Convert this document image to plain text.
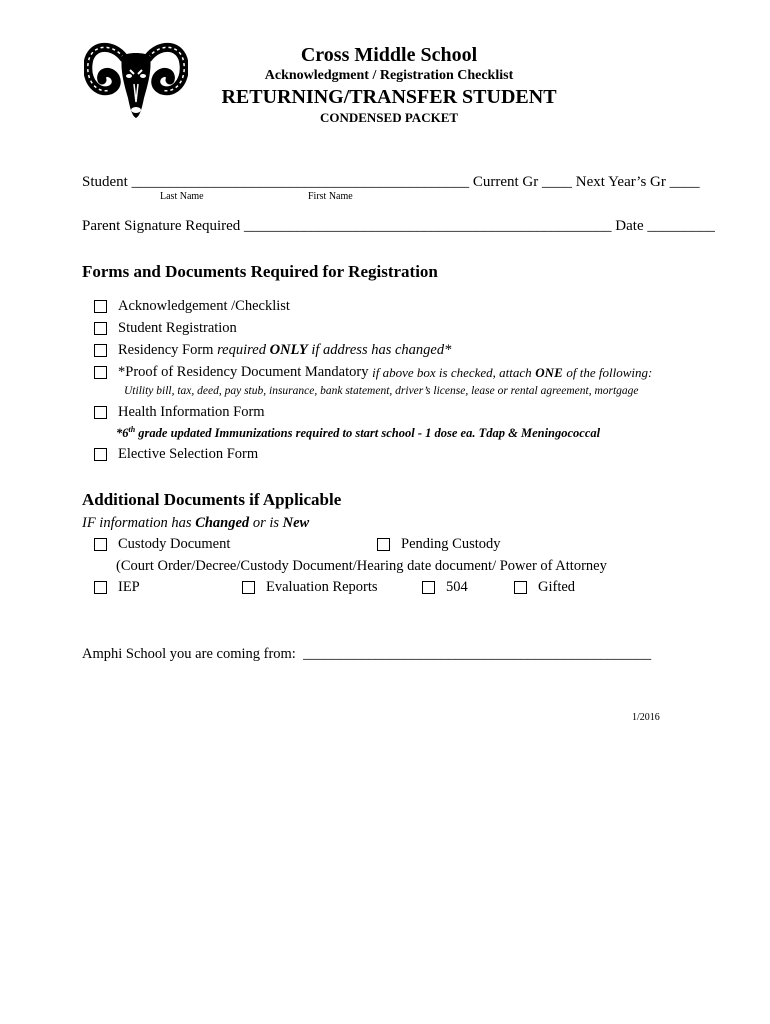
Cross Middle School
Acknowledgment / Registration Checklist
RETURNING/TRANSFER STUDENT
CONDENSED PACKET
Student _____________________________________________ Current Gr ____ Next Year’s Gr ____
Last Name	First Name
Parent Signature Required _________________________________________________ Date _________
Forms and Documents Required for Registration
Acknowledgement /Checklist
Student Registration
Residency Form
required
ONLY
if address has changed*
*Proof of Residency Document Mandatory
if above box is checked, attach
ONE
of the following:
Utility bill, tax, deed, pay stub, insurance, bank statement, driver’s license, lease or rental agreement, mortgage
Health Information Form
*6th grade updated Immunizations required to start school - 1 dose ea. Tdap & Meningococcal
Elective Selection Form
Additional Documents if Applicable
IF information has Changed or is New
Custody Document	Pending Custody
(Court Order/Decree/Custody Document/Hearing date document/ Power of Attorney
IEP	Evaluation Reports	504	Gifted
Amphi School you are coming from: ________________________________________________
1/2016
